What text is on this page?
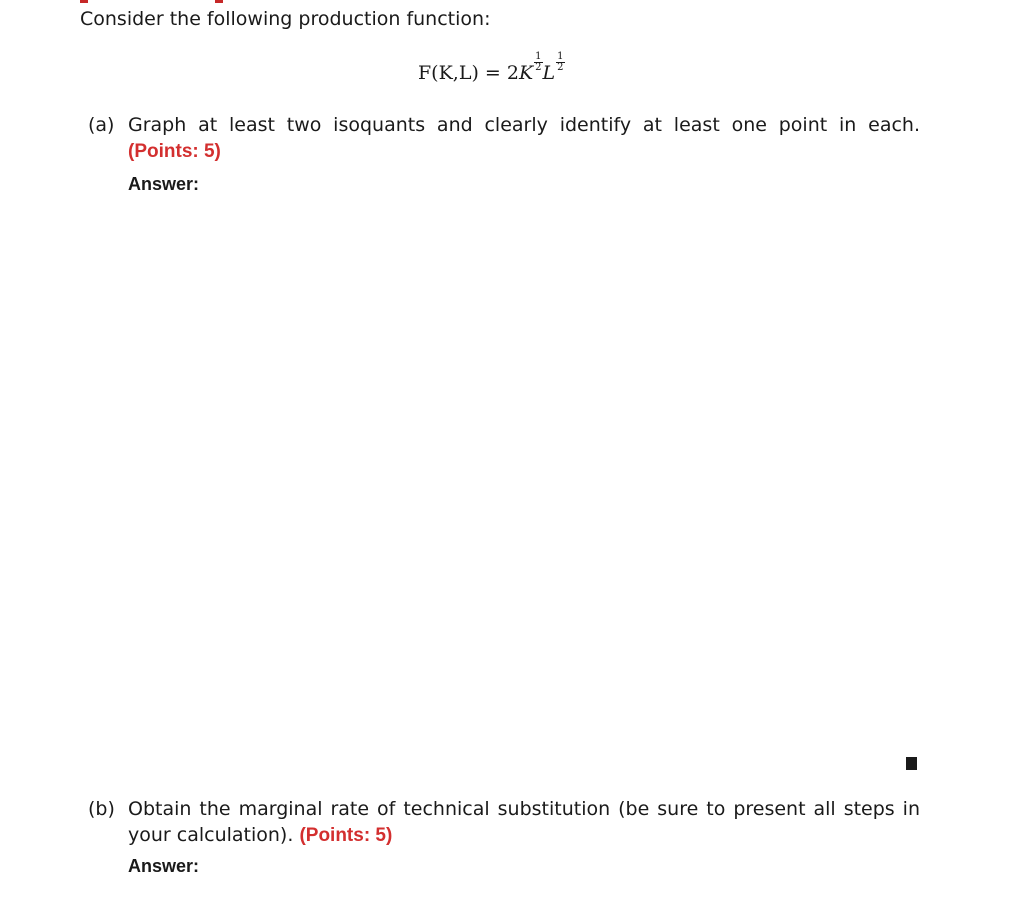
Consider the following production function:
$F(K,L) = 2K \frac{1}{2}$ L $\frac{1}{2}$
(a) Graph at least two isoquants and clearly identify at least one point in each. (Points: 5)
Answer:
(b) Obtain the marginal rate of technical substitution (be sure to present all steps in your calculation). (Points: 5)
Answer:
